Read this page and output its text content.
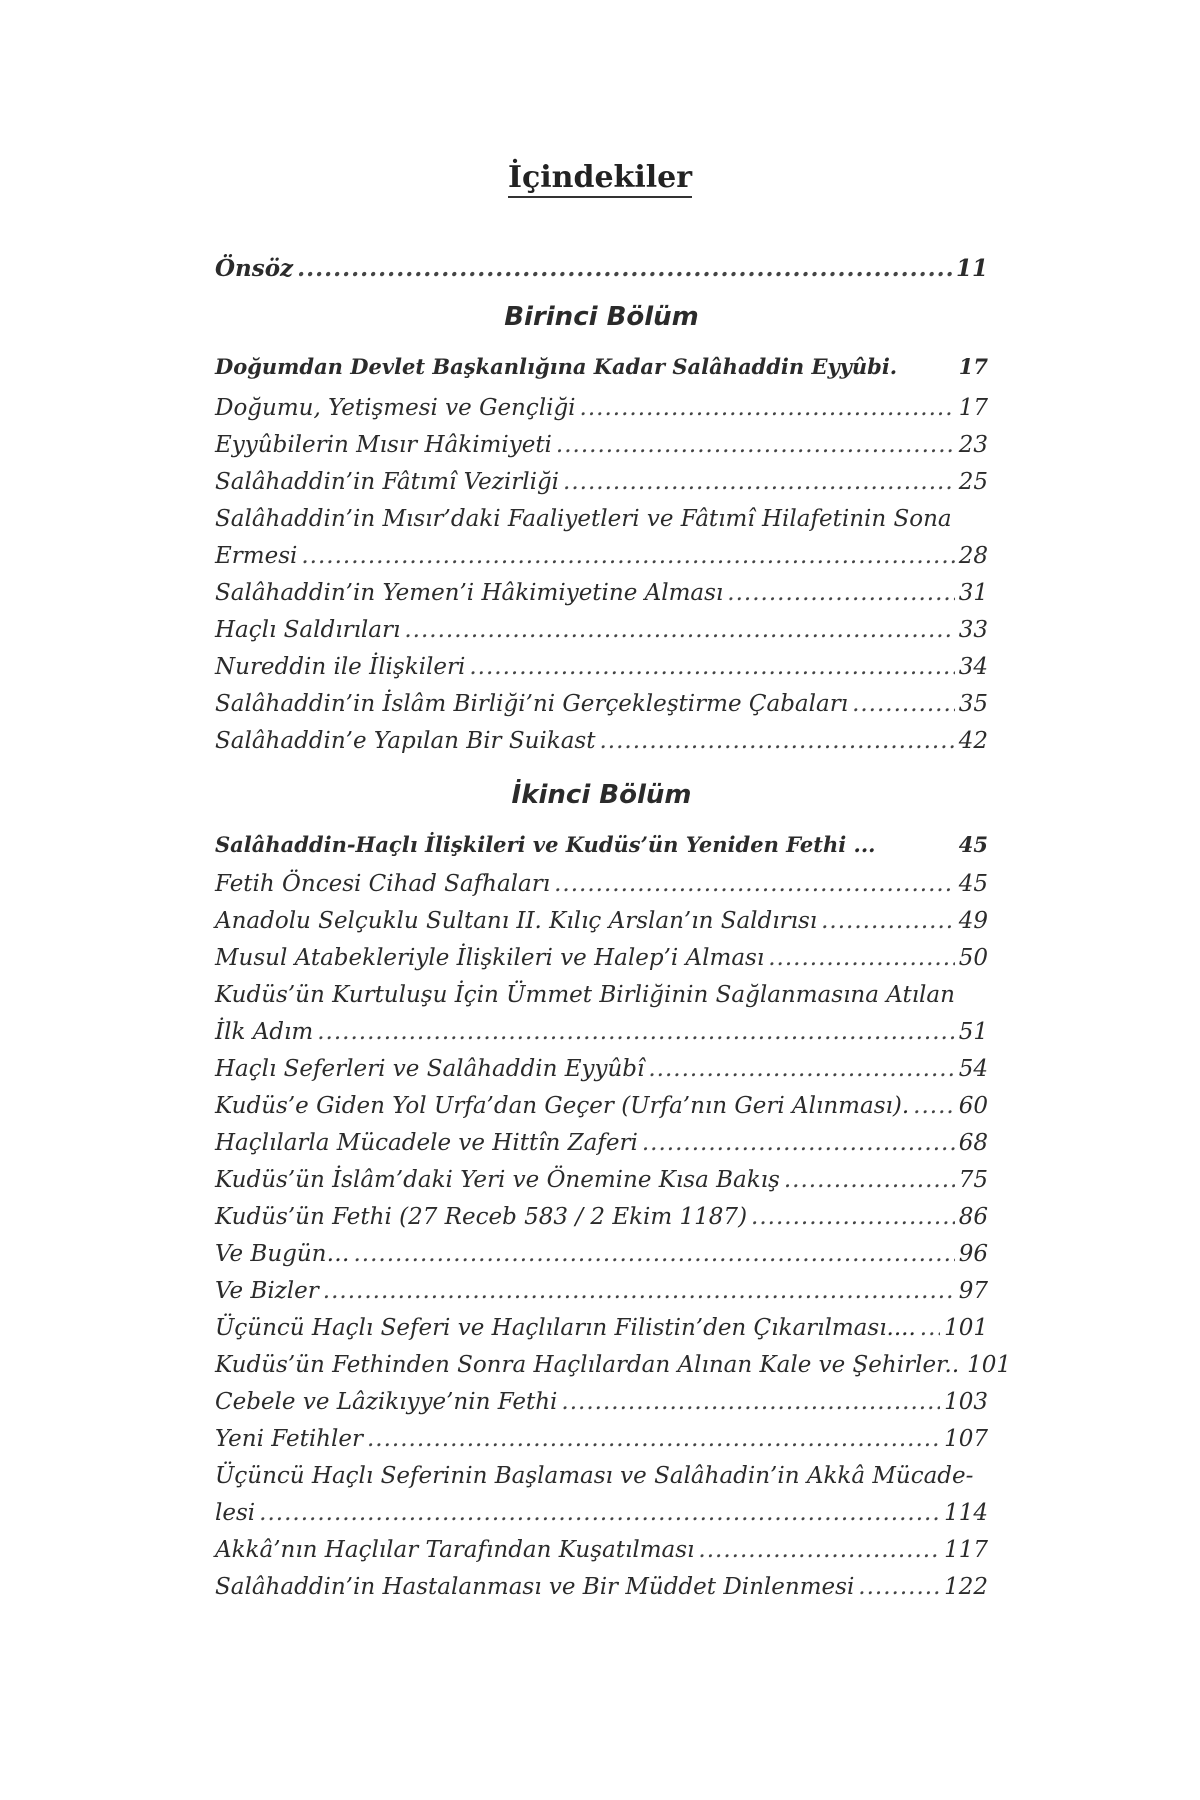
İçindekiler
Önsöz .....	11
Birinci Bölüm
Doğumdan Devlet Başkanlığına Kadar Salâhaddin Eyyûbi.	17
Doğumu, Yetişmesi ve Gençliği .....	17
Eyyûbilerin Mısır Hâkimiyeti .....	23
Salâhaddin’in Fâtımî Vezirliği .....	25
Salâhaddin’in Mısır’daki Faaliyetleri ve Fâtımî Hilafetinin Sona
Ermesi .....	28
Salâhaddin’in Yemen’i Hâkimiyetine Alması .....	31
Haçlı Saldırıları .....	33
Nureddin ile İlişkileri .....	34
Salâhaddin’in İslâm Birliği’ni Gerçekleştirme Çabaları .....	35
Salâhaddin’e Yapılan Bir Suikast .....	42
İkinci Bölüm
Salâhaddin-Haçlı İlişkileri ve Kudüs’ün Yeniden Fethi ...	45
Fetih Öncesi Cihad Safhaları .....	45
Anadolu Selçuklu Sultanı II. Kılıç Arslan’ın Saldırısı .....	49
Musul Atabekleriyle İlişkileri ve Halep’i Alması .....	50
Kudüs’ün Kurtuluşu İçin Ümmet Birliğinin Sağlanmasına Atılan
İlk Adım .....	51
Haçlı Seferleri ve Salâhaddin Eyyûbî .....	54
Kudüs’e Giden Yol Urfa’dan Geçer (Urfa’nın Geri Alınması). ..... 60
Haçlılarla Mücadele ve Hittîn Zaferi .....	68
Kudüs’ün İslâm’daki Yeri ve Önemine Kısa Bakış .....	75
Kudüs’ün Fethi (27 Receb 583 / 2 Ekim 1187) .....	86
Ve Bugün… .....	96
Ve Bizler .....	97
Üçüncü Haçlı Seferi ve Haçlıların Filistin’den Çıkarılması.... ..... 101
Kudüs’ün Fethinden Sonra Haçlılardan Alınan Kale ve Şehirler.. 101
Cebele ve Lâzikıyye’nin Fethi .....	103
Yeni Fetihler .....	107
Üçüncü Haçlı Seferinin Başlaması ve Salâhadin’in Akkâ Mücade-
lesi .....	114
Akkâ’nın Haçlılar Tarafından Kuşatılması .....	117
Salâhaddin’in Hastalanması ve Bir Müddet Dinlenmesi .....	122
